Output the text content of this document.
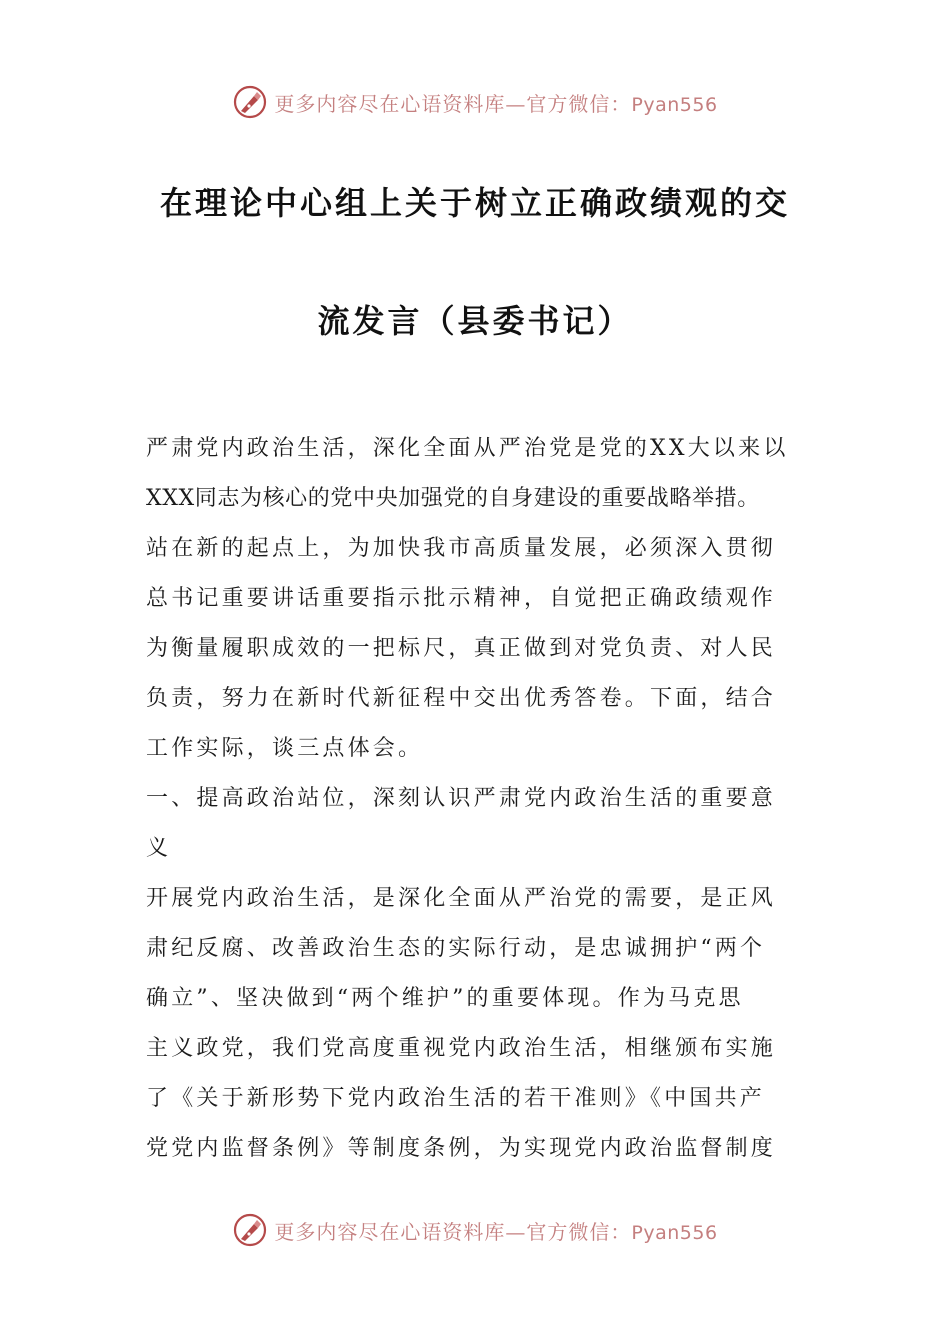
更多内容尽在心语资料库—官方微信：Pyan556
在理论中心组上关于树立正确政绩观的交
流发言（县委书记）
严肃党内政治生活，深化全面从严治党是党的XX大以来以
XXX同志为核心的党中央加强党的自身建设的重要战略举措。
站在新的起点上，为加快我市高质量发展，必须深入贯彻
总书记重要讲话重要指示批示精神，自觉把正确政绩观作
为衡量履职成效的一把标尺，真正做到对党负责、对人民
负责，努力在新时代新征程中交出优秀答卷。下面，结合
工作实际，谈三点体会。
一、提高政治站位，深刻认识严肃党内政治生活的重要意
义
开展党内政治生活，是深化全面从严治党的需要，是正风
肃纪反腐、改善政治生态的实际行动，是忠诚拥护“两个
确立”、坚决做到“两个维护”的重要体现。作为马克思
主义政党，我们党高度重视党内政治生活，相继颁布实施
了《关于新形势下党内政治生活的若干准则》《中国共产
党党内监督条例》等制度条例，为实现党内政治监督制度
更多内容尽在心语资料库—官方微信：Pyan556
